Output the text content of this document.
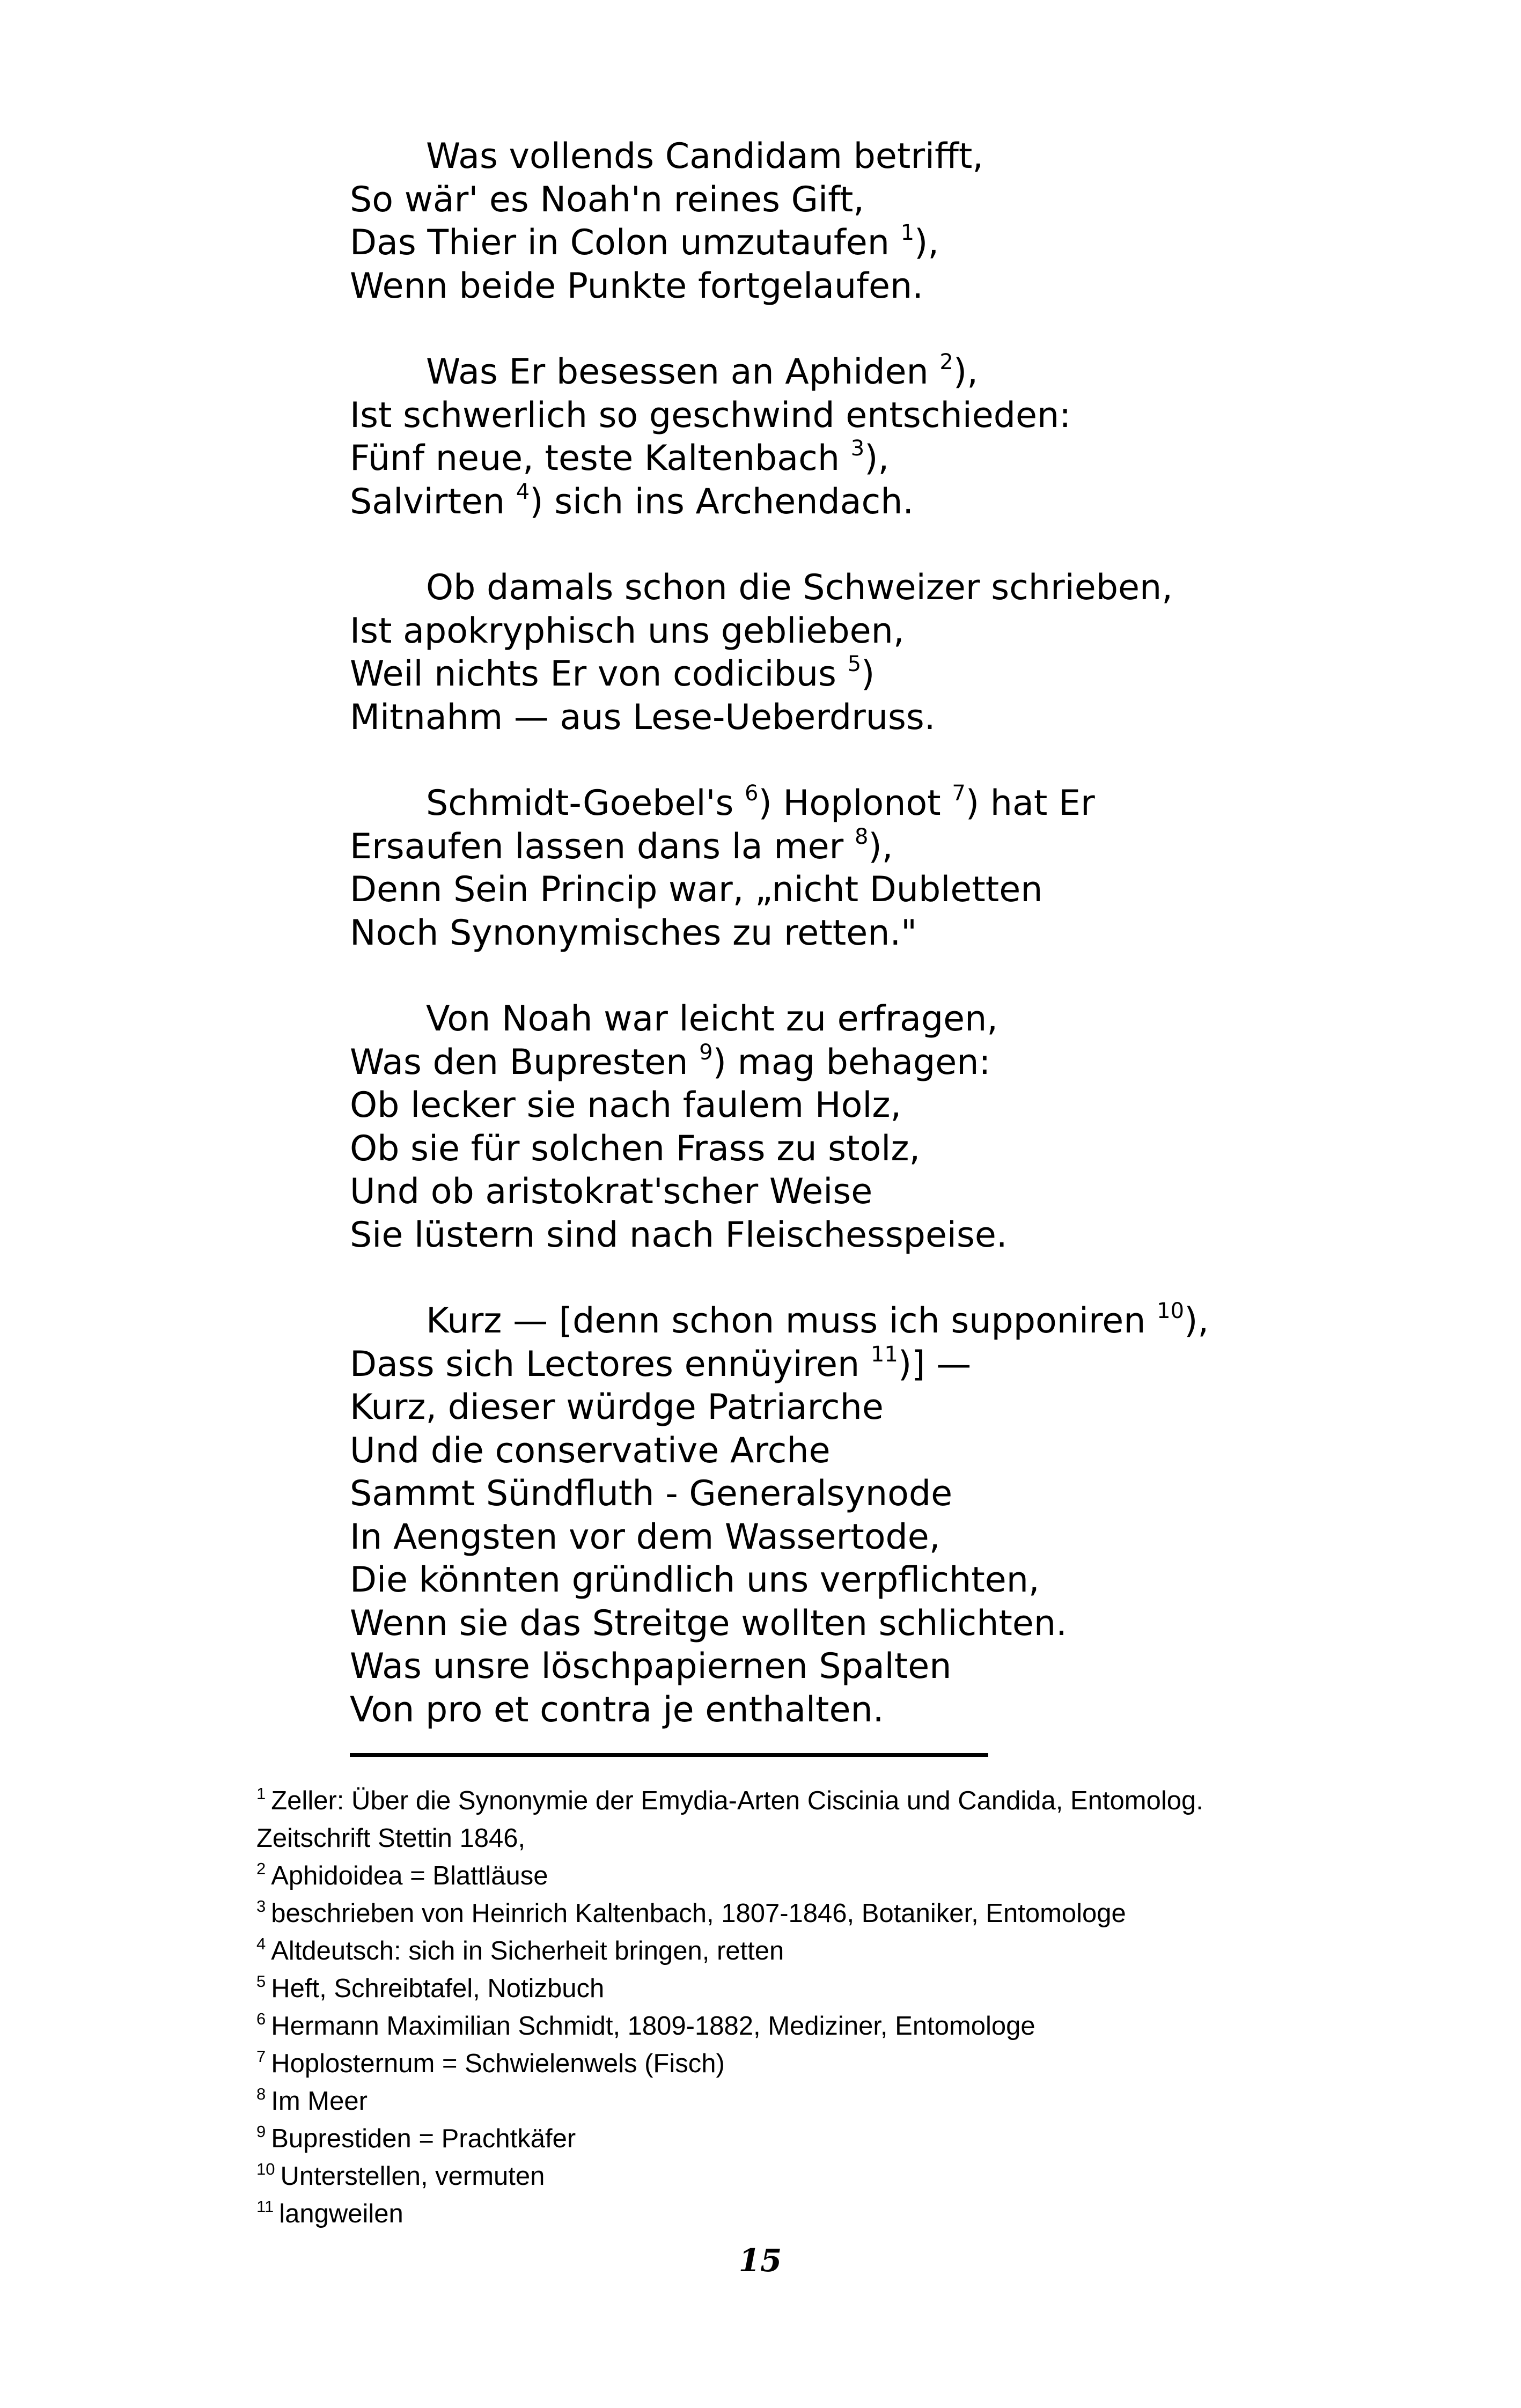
Was vollends Candidam betrifft,
So wär' es Noah'n reines Gift,
Das Thier in Colon umzutaufen $^1$),
Wenn beide Punkte fortgelaufen.
Was Er besessen an Aphiden $^2$),
Ist schwerlich so geschwind entschieden:
Fünf neue, teste Kaltenbach $^3$),
Salvirten $^4$) sich ins Archendach.
Ob damals schon die Schweizer schrieben,
Ist apokryphisch uns geblieben,
Weil nichts Er von codicibus $^5$)
Mitnahm — aus Lese-Ueberdruss.
Schmidt-Goebel's $^6$) Hoplonot $^7$) hat Er
Ersaufen lassen dans la mer $^8$),
Denn Sein Princip war, „nicht Dubletten
Noch Synonymisches zu retten."
Von Noah war leicht zu erfragen,
Was den Bupresten $^9$) mag behagen:
Ob lecker sie nach faulem Holz,
Ob sie für solchen Frass zu stolz,
Und ob aristokrat'scher Weise
Sie lüstern sind nach Fleischesspeise.
Kurz — [denn schon muss ich supponiren $^{10}$),
Dass sich Lectores ennüyiren $^{11}$)] —
Kurz, dieser würdge Patriarche
Und die conservative Arche
Sammt Sündfluth - Generalsynode
In Aengsten vor dem Wassertode,
Die könnten gründlich uns verpflichten,
Wenn sie das Streitge wollten schlichten.
Was unsre löschpapiernen Spalten
Von pro et contra je enthalten.
$^1$ Zeller: Über die Synonymie der Emydia-Arten Ciscinia und Candida, Entomolog.
Zeitschrift Stettin 1846,
$^2$ Aphidoidea = Blattläuse
$^3$ beschrieben von Heinrich Kaltenbach, 1807-1846, Botaniker, Entomologe
$^4$ Altdeutsch: sich in Sicherheit bringen, retten
$^5$ Heft, Schreibtafel, Notizbuch
$^6$ Hermann Maximilian Schmidt, 1809-1882, Mediziner, Entomologe
$^7$ Hoplosternum = Schwielenwels (Fisch)
$^8$ Im Meer
$^9$ Buprestiden = Prachtkäfer
$^{10}$ Unterstellen, vermuten
$^{11}$ langweilen
15
